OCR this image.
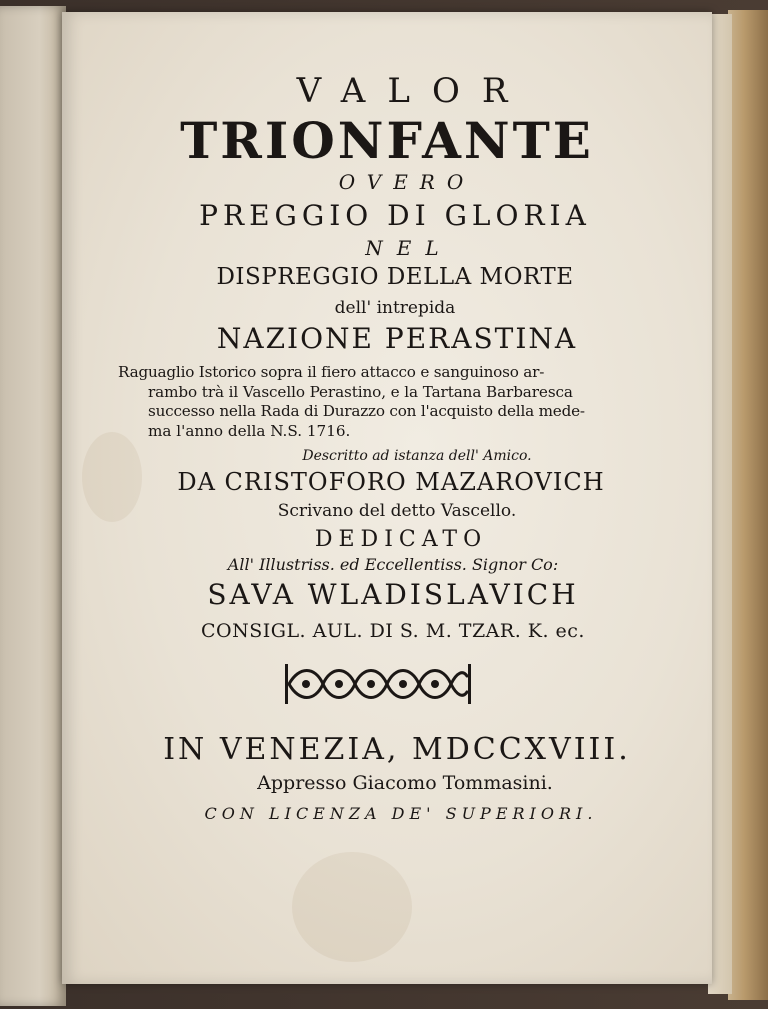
VALOR
TRIONFANTE
OVERO
PREGGIO DI GLORIA
NEL
DISPREGGIO DELLA MORTE
dell' intrepida
NAZIONE PERASTINA
Raguaglio Istorico sopra il fiero attacco e sanguinoso ar-
rambo trà il Vascello Perastino, e la Tartana Barbaresca
successo nella Rada di Durazzo con l'acquisto della mede-
ma l'anno della N.S. 1716.
Descritto ad istanza dell' Amico.
DA CRISTOFORO MAZAROVICH
Scrivano del detto Vascello.
DEDICATO
All' Illustriss. ed Eccellentiss. Signor Co:
SAVA WLADISLAVICH
CONSIGL. AUL. DI S. M. TZAR. K. ec.
IN VENEZIA, MDCCXVIII.
Appresso Giacomo Tommasini.
CON LICENZA DE' SUPERIORI.
